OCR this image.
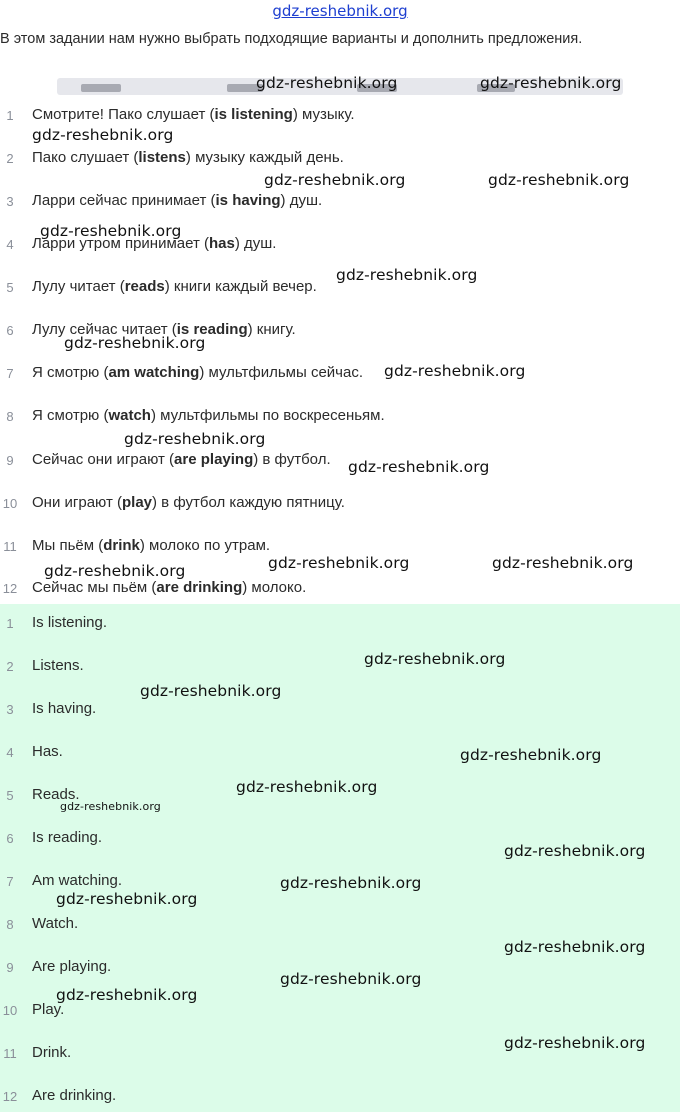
gdz-reshebnik.org
В этом задании нам нужно выбрать подходящие варианты и дополнить предложения.
1	Смотрите! Пако слушает (is listening) музыку.
2	Пако слушает (listens) музыку каждый день.
3	Ларри сейчас принимает (is having) душ.
4	Ларри утром принимает (has) душ.
5	Лулу читает (reads) книги каждый вечер.
6	Лулу сейчас читает (is reading) книгу.
7	Я смотрю (am watching) мультфильмы сейчас.
8	Я смотрю (watch) мультфильмы по воскресеньям.
9	Сейчас они играют (are playing) в футбол.
10 Они играют (play) в футбол каждую пятницу.
11 Мы пьём (drink) молоко по утрам.
12 Сейчас мы пьём (are drinking) молоко.
1	Is listening.
2	Listens.
3	Is having.
4	Has.
5	Reads.
6	Is reading.
7	Am watching.
8	Watch.
9	Are playing.
10 Play.
11 Drink.
12 Are drinking.
gdz-reshebnik.org	gdz-reshebnik.org
gdz-reshebnik.org
gdz-reshebnik.org	gdz-reshebnik.org
gdz-reshebnik.org
gdz-reshebnik.org
gdz-reshebnik.org
gdz-reshebnik.org
gdz-reshebnik.org
gdz-reshebnik.org
gdz-reshebnik.org	gdz-reshebnik.org	gdz-reshebnik.org
gdz-reshebnik.org
gdz-reshebnik.org
gdz-reshebnik.org
gdz-reshebnik.org
gdz-reshebnik.org
gdz-reshebnik.org
gdz-reshebnik.org
gdz-reshebnik.org
gdz-reshebnik.org
gdz-reshebnik.org
gdz-reshebnik.org
gdz-reshebnik.org
